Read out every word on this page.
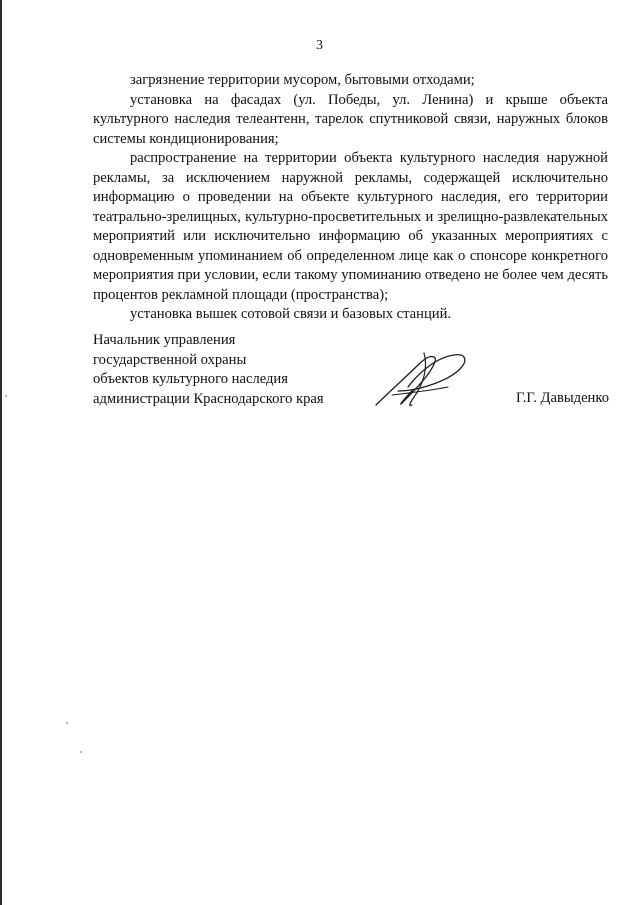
3

загрязнение территории мусором, бытовыми отходами;

установка на фасадах (ул. Победы, ул. Ленина) и крыше объекта культурного наследия телеантенн, тарелок спутниковой связи, наружных блоков системы кондиционирования;

распространение на территории объекта культурного наследия наружной рекламы, за исключением наружной рекламы, содержащей исключительно информацию о проведении на объекте культурного наследия, его территории театрально-зрелищных, культурно-просветительных и зрелищно-развлекательных мероприятий или исключительно информацию об указанных мероприятиях с одновременным упоминанием об определенном лице как о спонсоре конкретного мероприятия при условии, если такому упоминанию отведено не более чем десять процентов рекламной площади (пространства);

установка вышек сотовой связи и базовых станций.

Начальник управления
государственной охраны
объектов культурного наследия
администрации Краснодарского края	Г.Г. Давыденко
